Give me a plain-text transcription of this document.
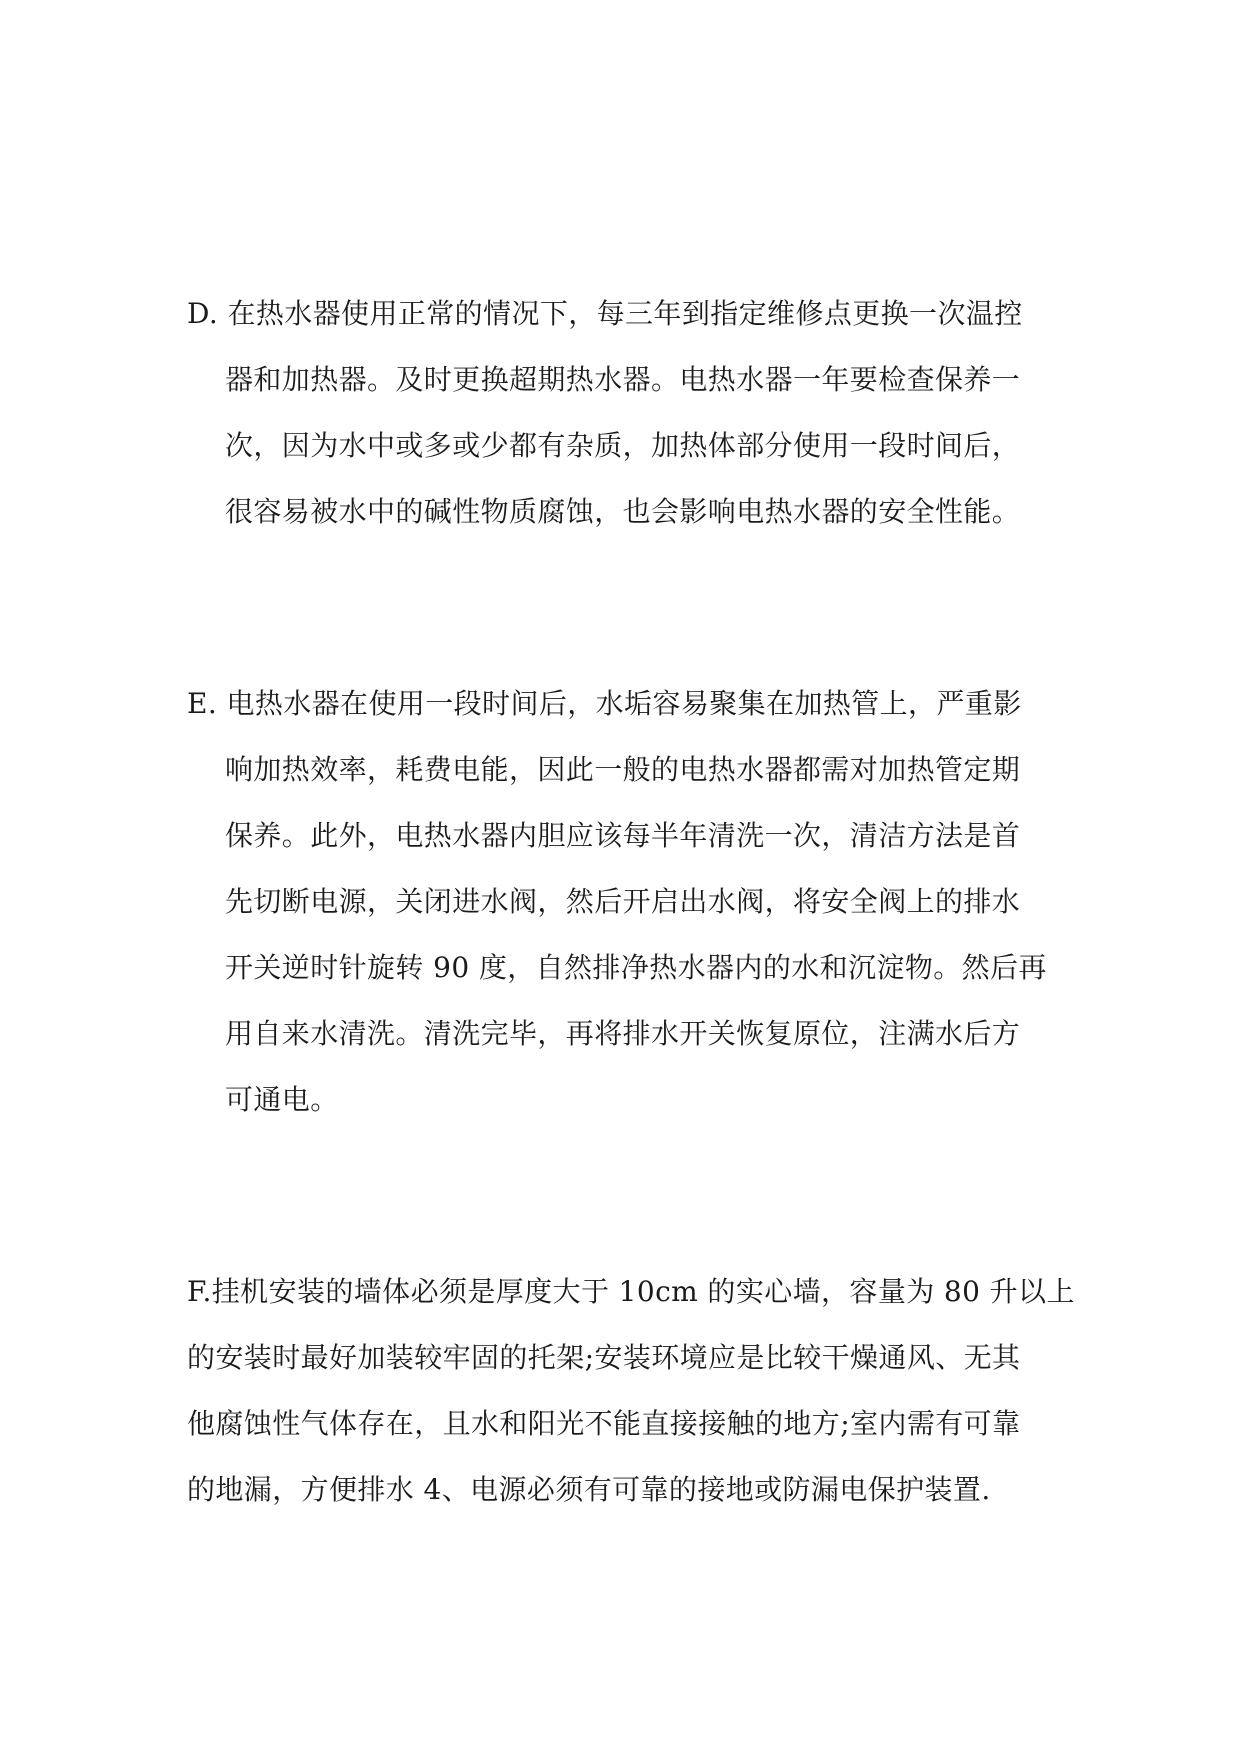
D. 在热水器使用正常的情况下，每三年到指定维修点更换一次温控
器和加热器。及时更换超期热水器。电热水器一年要检查保养一
次，因为水中或多或少都有杂质，加热体部分使用一段时间后，
很容易被水中的碱性物质腐蚀，也会影响电热水器的安全性能。
E. 电热水器在使用一段时间后，水垢容易聚集在加热管上，严重影
响加热效率，耗费电能，因此一般的电热水器都需对加热管定期
保养。此外，电热水器内胆应该每半年清洗一次，清洁方法是首
先切断电源，关闭进水阀，然后开启出水阀，将安全阀上的排水
开关逆时针旋转 90 度，自然排净热水器内的水和沉淀物。然后再
用自来水清洗。清洗完毕，再将排水开关恢复原位，注满水后方
可通电。
F.挂机安装的墙体必须是厚度大于 10cm 的实心墙，容量为 80 升以上
的安装时最好加装较牢固的托架;安装环境应是比较干燥通风、无其
他腐蚀性气体存在，且水和阳光不能直接接触的地方;室内需有可靠
的地漏，方便排水 4、电源必须有可靠的接地或防漏电保护装置.
